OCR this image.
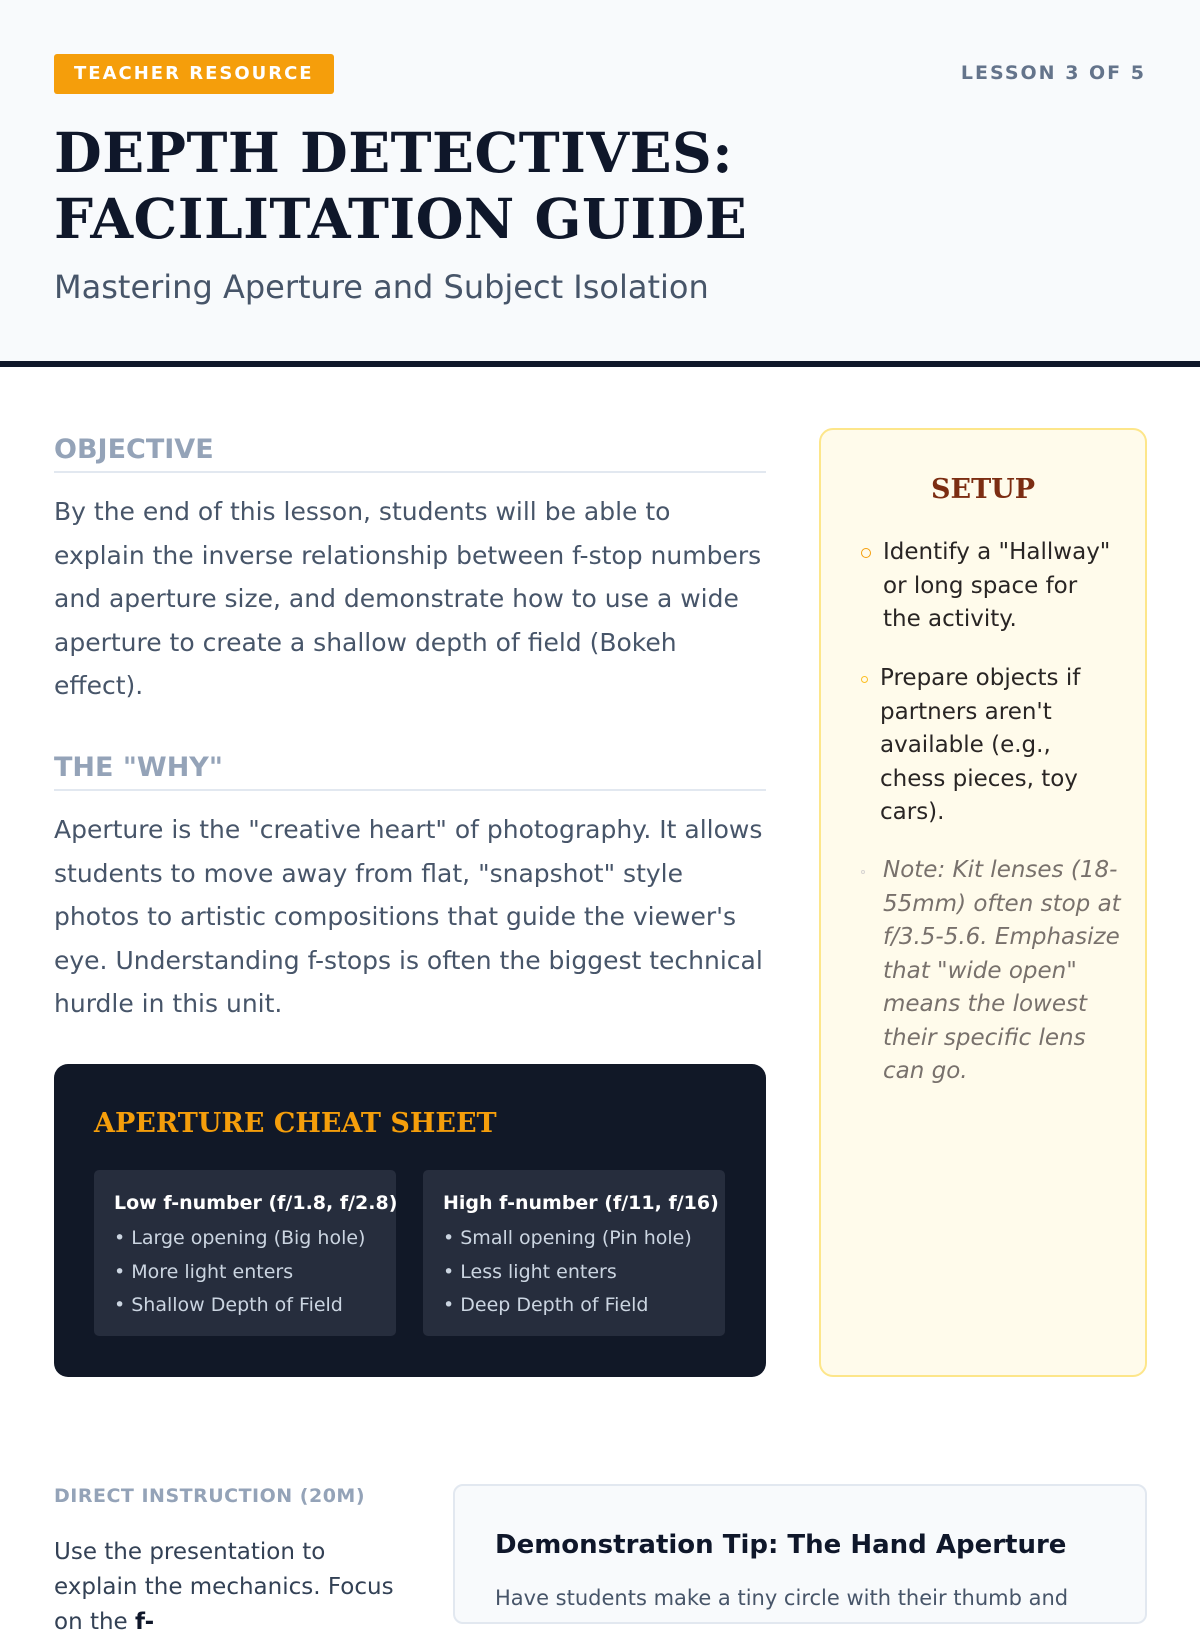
TEACHER RESOURCE	LESSON 3 OF 5
DEPTH DETECTIVES: FACILITATION GUIDE
Mastering Aperture and Subject Isolation
OBJECTIVE

By the end of this lesson, students will be able to explain the inverse relationship between f-stop numbers and aperture size, and demonstrate how to use a wide aperture to create a shallow depth of field (Bokeh effect).

THE "WHY"

Aperture is the "creative heart" of photography. It allows students to move away from flat, "snapshot" style photos to artistic compositions that guide the viewer's eye. Understanding f-stops is often the biggest technical hurdle in this unit.

APERTURE CHEAT SHEET
Low f-number (f/1.8, f/2.8)
• Large opening (Big hole)
• More light enters
• Shallow Depth of Field
High f-number (f/11, f/16)
• Small opening (Pin hole)
• Less light enters
• Deep Depth of Field
SETUP
Identify a "Hallway" or long space for the activity.
Prepare objects if partners aren't available (e.g., chess pieces, toy cars).
Note: Kit lenses (18-55mm) often stop at f/3.5-5.6. Emphasize that "wide open" means the lowest their specific lens can go.
DIRECT INSTRUCTION (20M)

Use the presentation to explain the mechanics. Focus on the f-

Demonstration Tip: The Hand Aperture

Have students make a tiny circle with their thumb and
